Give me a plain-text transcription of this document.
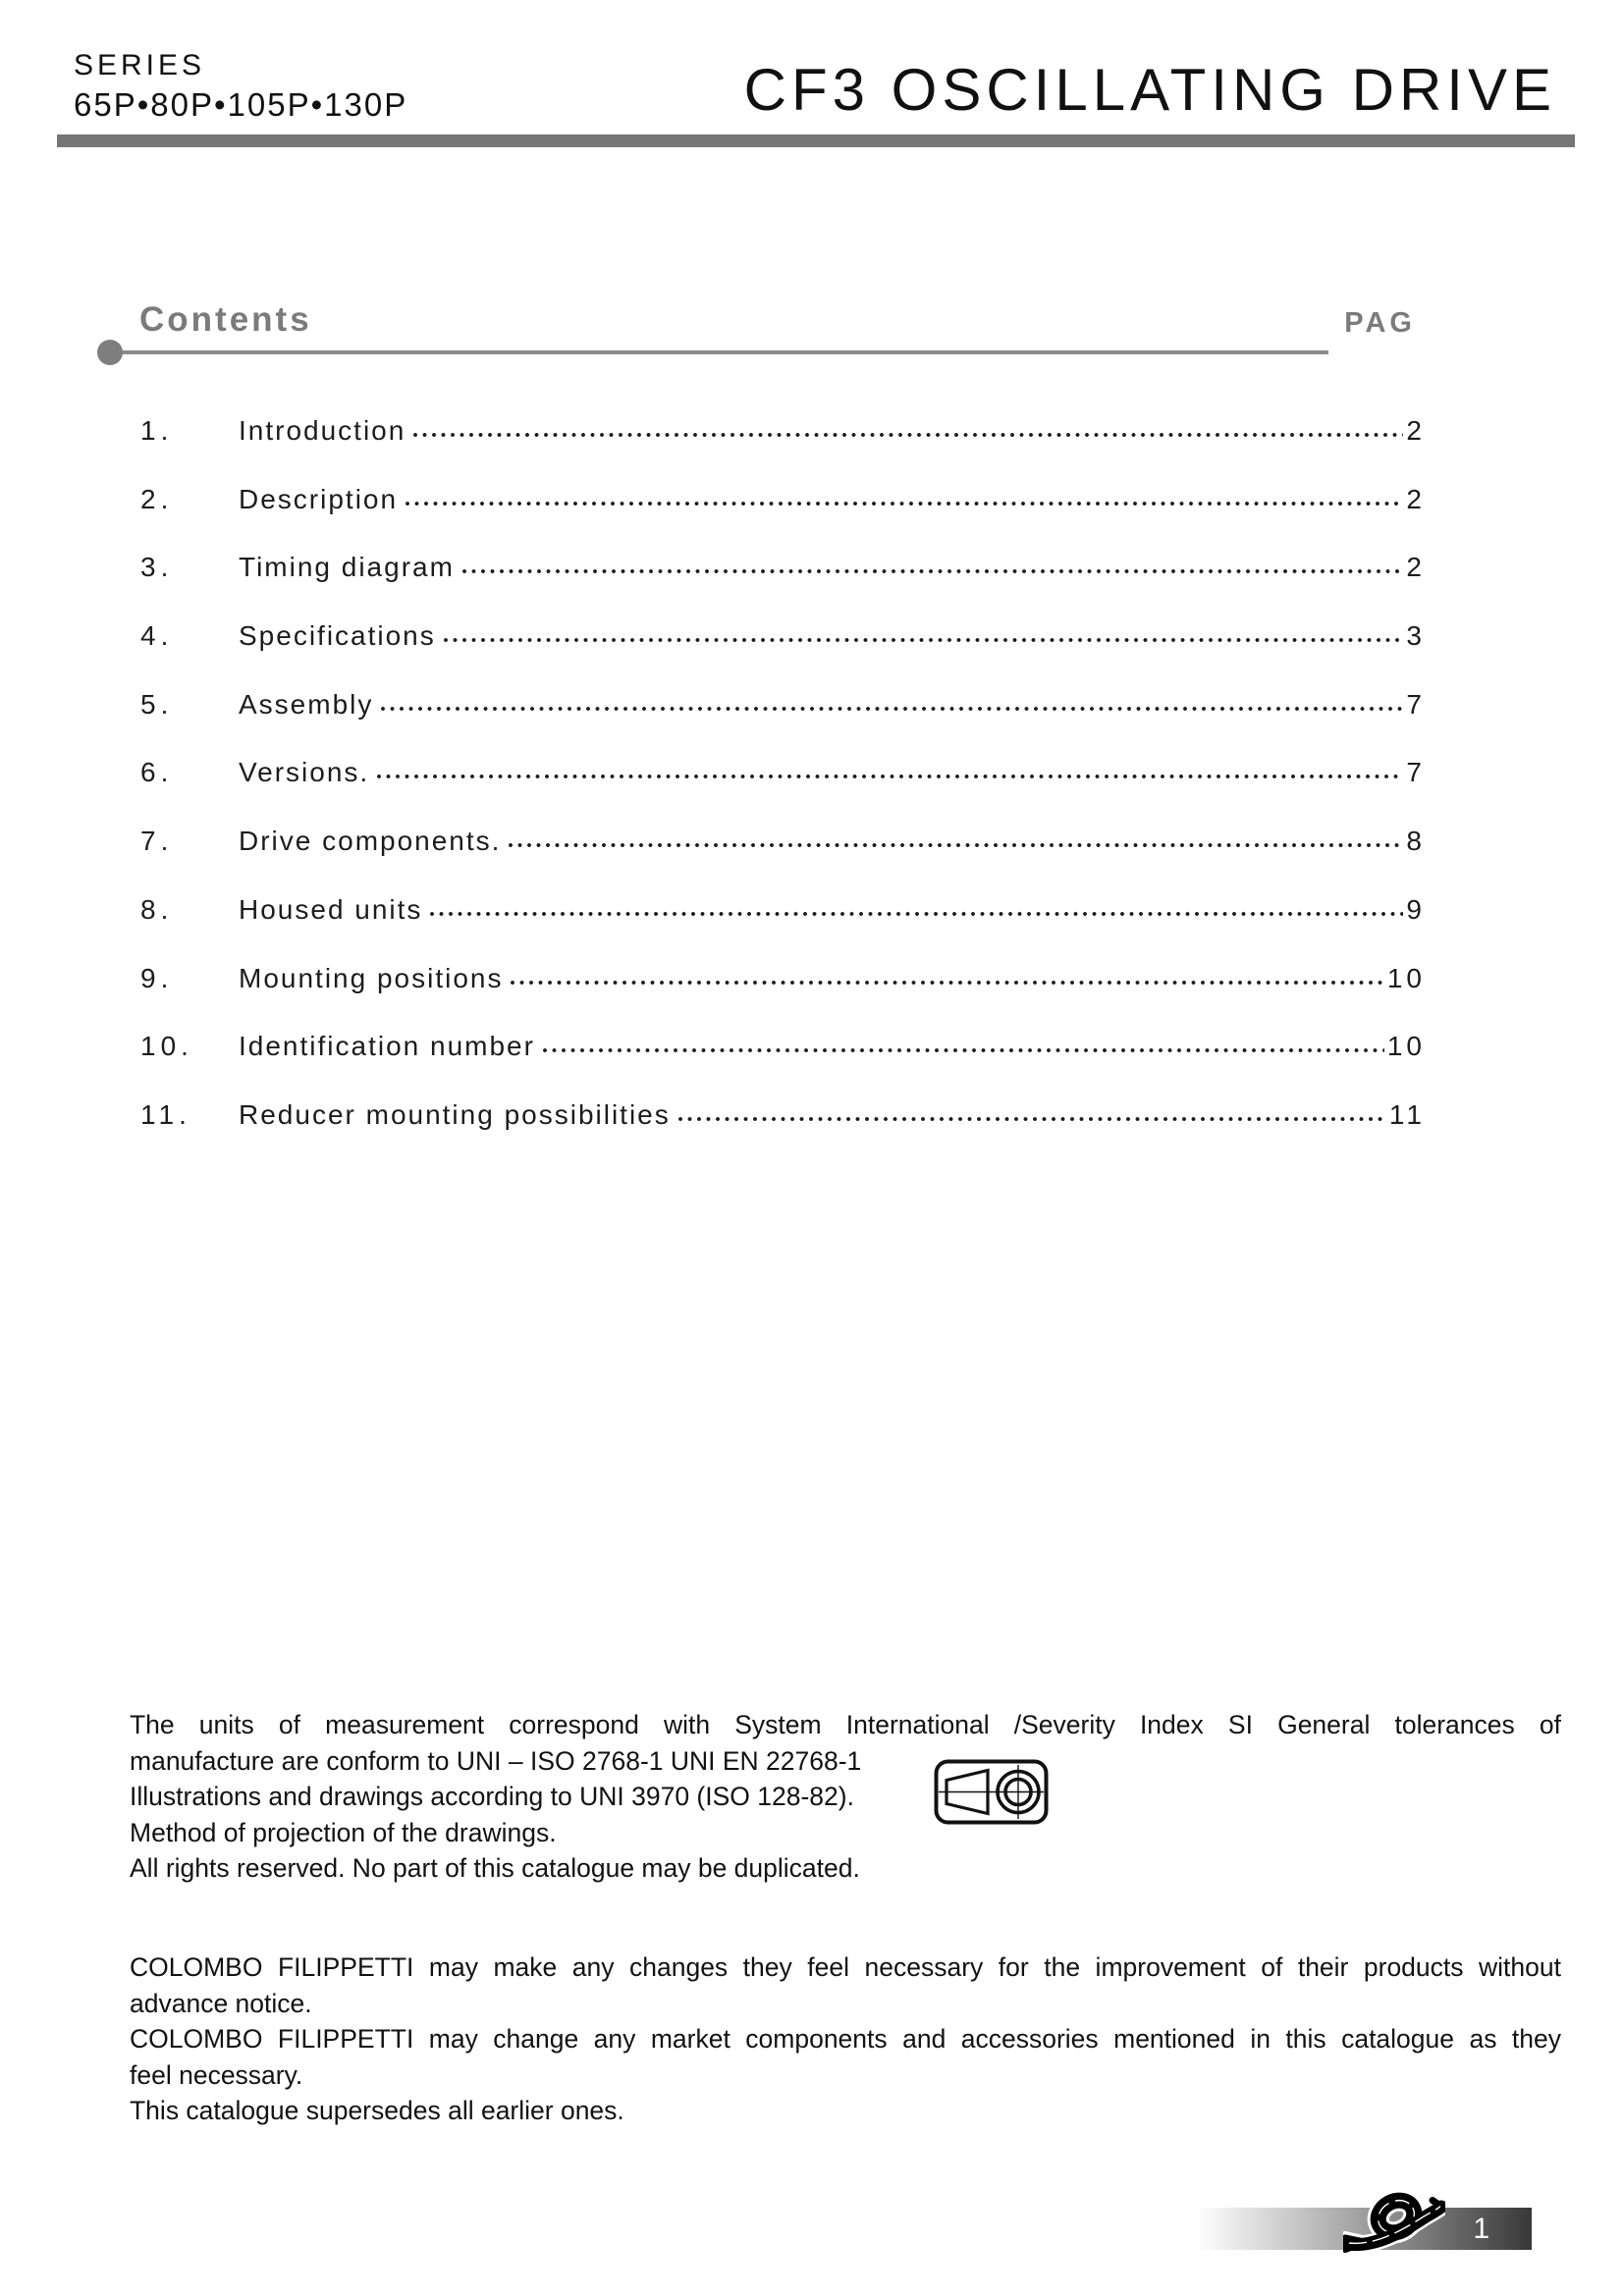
SERIES
65P•80P•105P•130P	CF3 OSCILLATING DRIVE
Contents	PAG
1.	Introduction	2
2.	Description	2
3.	Timing diagram	2
4.	Specifications	3
5.	Assembly	7
6.	Versions.	7
7.	Drive components.	8
8.	Housed units	9
9.	Mounting positions	10
10.	Identification number	10
11.	Reducer mounting possibilities	11

The units of measurement correspond with System International /Severity Index SI General tolerances of

manufacture are conform to UNI – ISO 2768-1 UNI EN 22768-1

Illustrations and drawings according to UNI 3970 (ISO 128-82).

Method of projection of the drawings.

All rights reserved. No part of this catalogue may be duplicated.

COLOMBO FILIPPETTI may make any changes they feel necessary for the improvement of their products without

advance notice.

COLOMBO FILIPPETTI may change any market components and accessories mentioned in this catalogue as they

feel necessary.

This catalogue supersedes all earlier ones.

1
